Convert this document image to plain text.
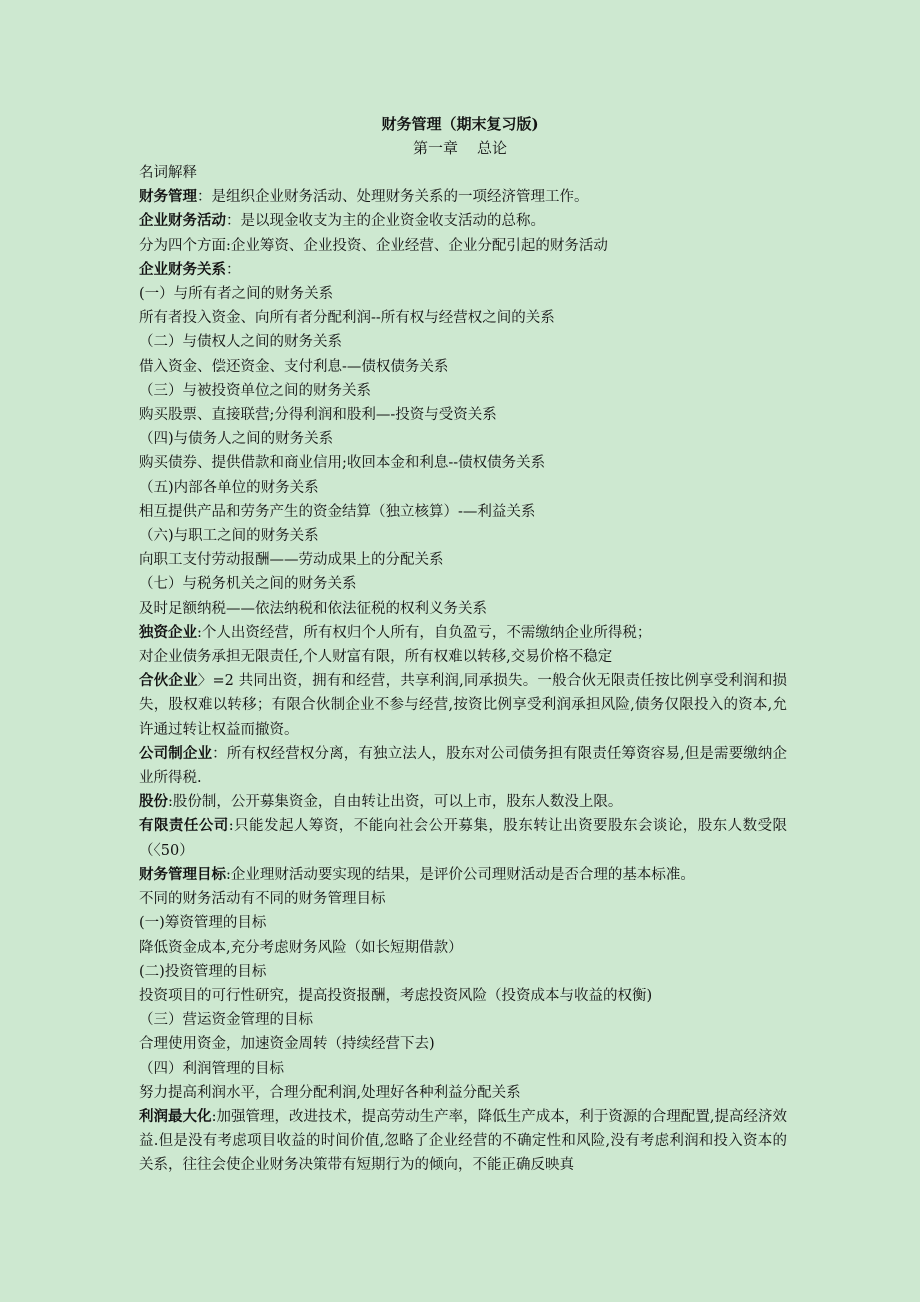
财务管理（期末复习版)
第一章    总论
名词解释
财务管理：是组织企业财务活动、处理财务关系的一项经济管理工作。
企业财务活动：是以现金收支为主的企业资金收支活动的总称。
分为四个方面:企业筹资、企业投资、企业经营、企业分配引起的财务活动
企业财务关系：
(一）与所有者之间的财务关系
所有者投入资金、向所有者分配利润--所有权与经营权之间的关系
（二）与债权人之间的财务关系
借入资金、偿还资金、支付利息-—债权债务关系
（三）与被投资单位之间的财务关系
购买股票、直接联营;分得利润和股利—-投资与受资关系
（四)与债务人之间的财务关系
购买债券、提供借款和商业信用;收回本金和利息--债权债务关系
（五)内部各单位的财务关系
相互提供产品和劳务产生的资金结算（独立核算）-—利益关系
（六)与职工之间的财务关系
向职工支付劳动报酬——劳动成果上的分配关系
（七）与税务机关之间的财务关系
及时足额纳税——依法纳税和依法征税的权利义务关系
独资企业:个人出资经营，所有权归个人所有，自负盈亏，不需缴纳企业所得税；
对企业债务承担无限责任,个人财富有限，所有权难以转移,交易价格不稳定
合伙企业〉=2 共同出资，拥有和经营，共享利润,同承损失。一般合伙无限责任按比例享受利润和损失，股权难以转移；有限合伙制企业不参与经营,按资比例享受利润承担风险,债务仅限投入的资本,允许通过转让权益而撤资。
公司制企业：所有权经营权分离，有独立法人，股东对公司债务担有限责任筹资容易,但是需要缴纳企业所得税.
股份:股份制，公开募集资金，自由转让出资，可以上市，股东人数没上限。
有限责任公司:只能发起人筹资，不能向社会公开募集，股东转让出资要股东会谈论，股东人数受限（〈50）
财务管理目标:企业理财活动要实现的结果，是评价公司理财活动是否合理的基本标准。
不同的财务活动有不同的财务管理目标
(一)筹资管理的目标
降低资金成本,充分考虑财务风险（如长短期借款）
(二)投资管理的目标
投资项目的可行性研究，提高投资报酬，考虑投资风险（投资成本与收益的权衡)
（三）营运资金管理的目标
合理使用资金，加速资金周转（持续经营下去)
（四）利润管理的目标
努力提高利润水平，合理分配利润,处理好各种利益分配关系
利润最大化:加强管理，改进技术，提高劳动生产率，降低生产成本，利于资源的合理配置,提高经济效益.但是没有考虑项目收益的时间价值,忽略了企业经营的不确定性和风险,没有考虑利润和投入资本的关系，往往会使企业财务决策带有短期行为的倾向，不能正确反映真
